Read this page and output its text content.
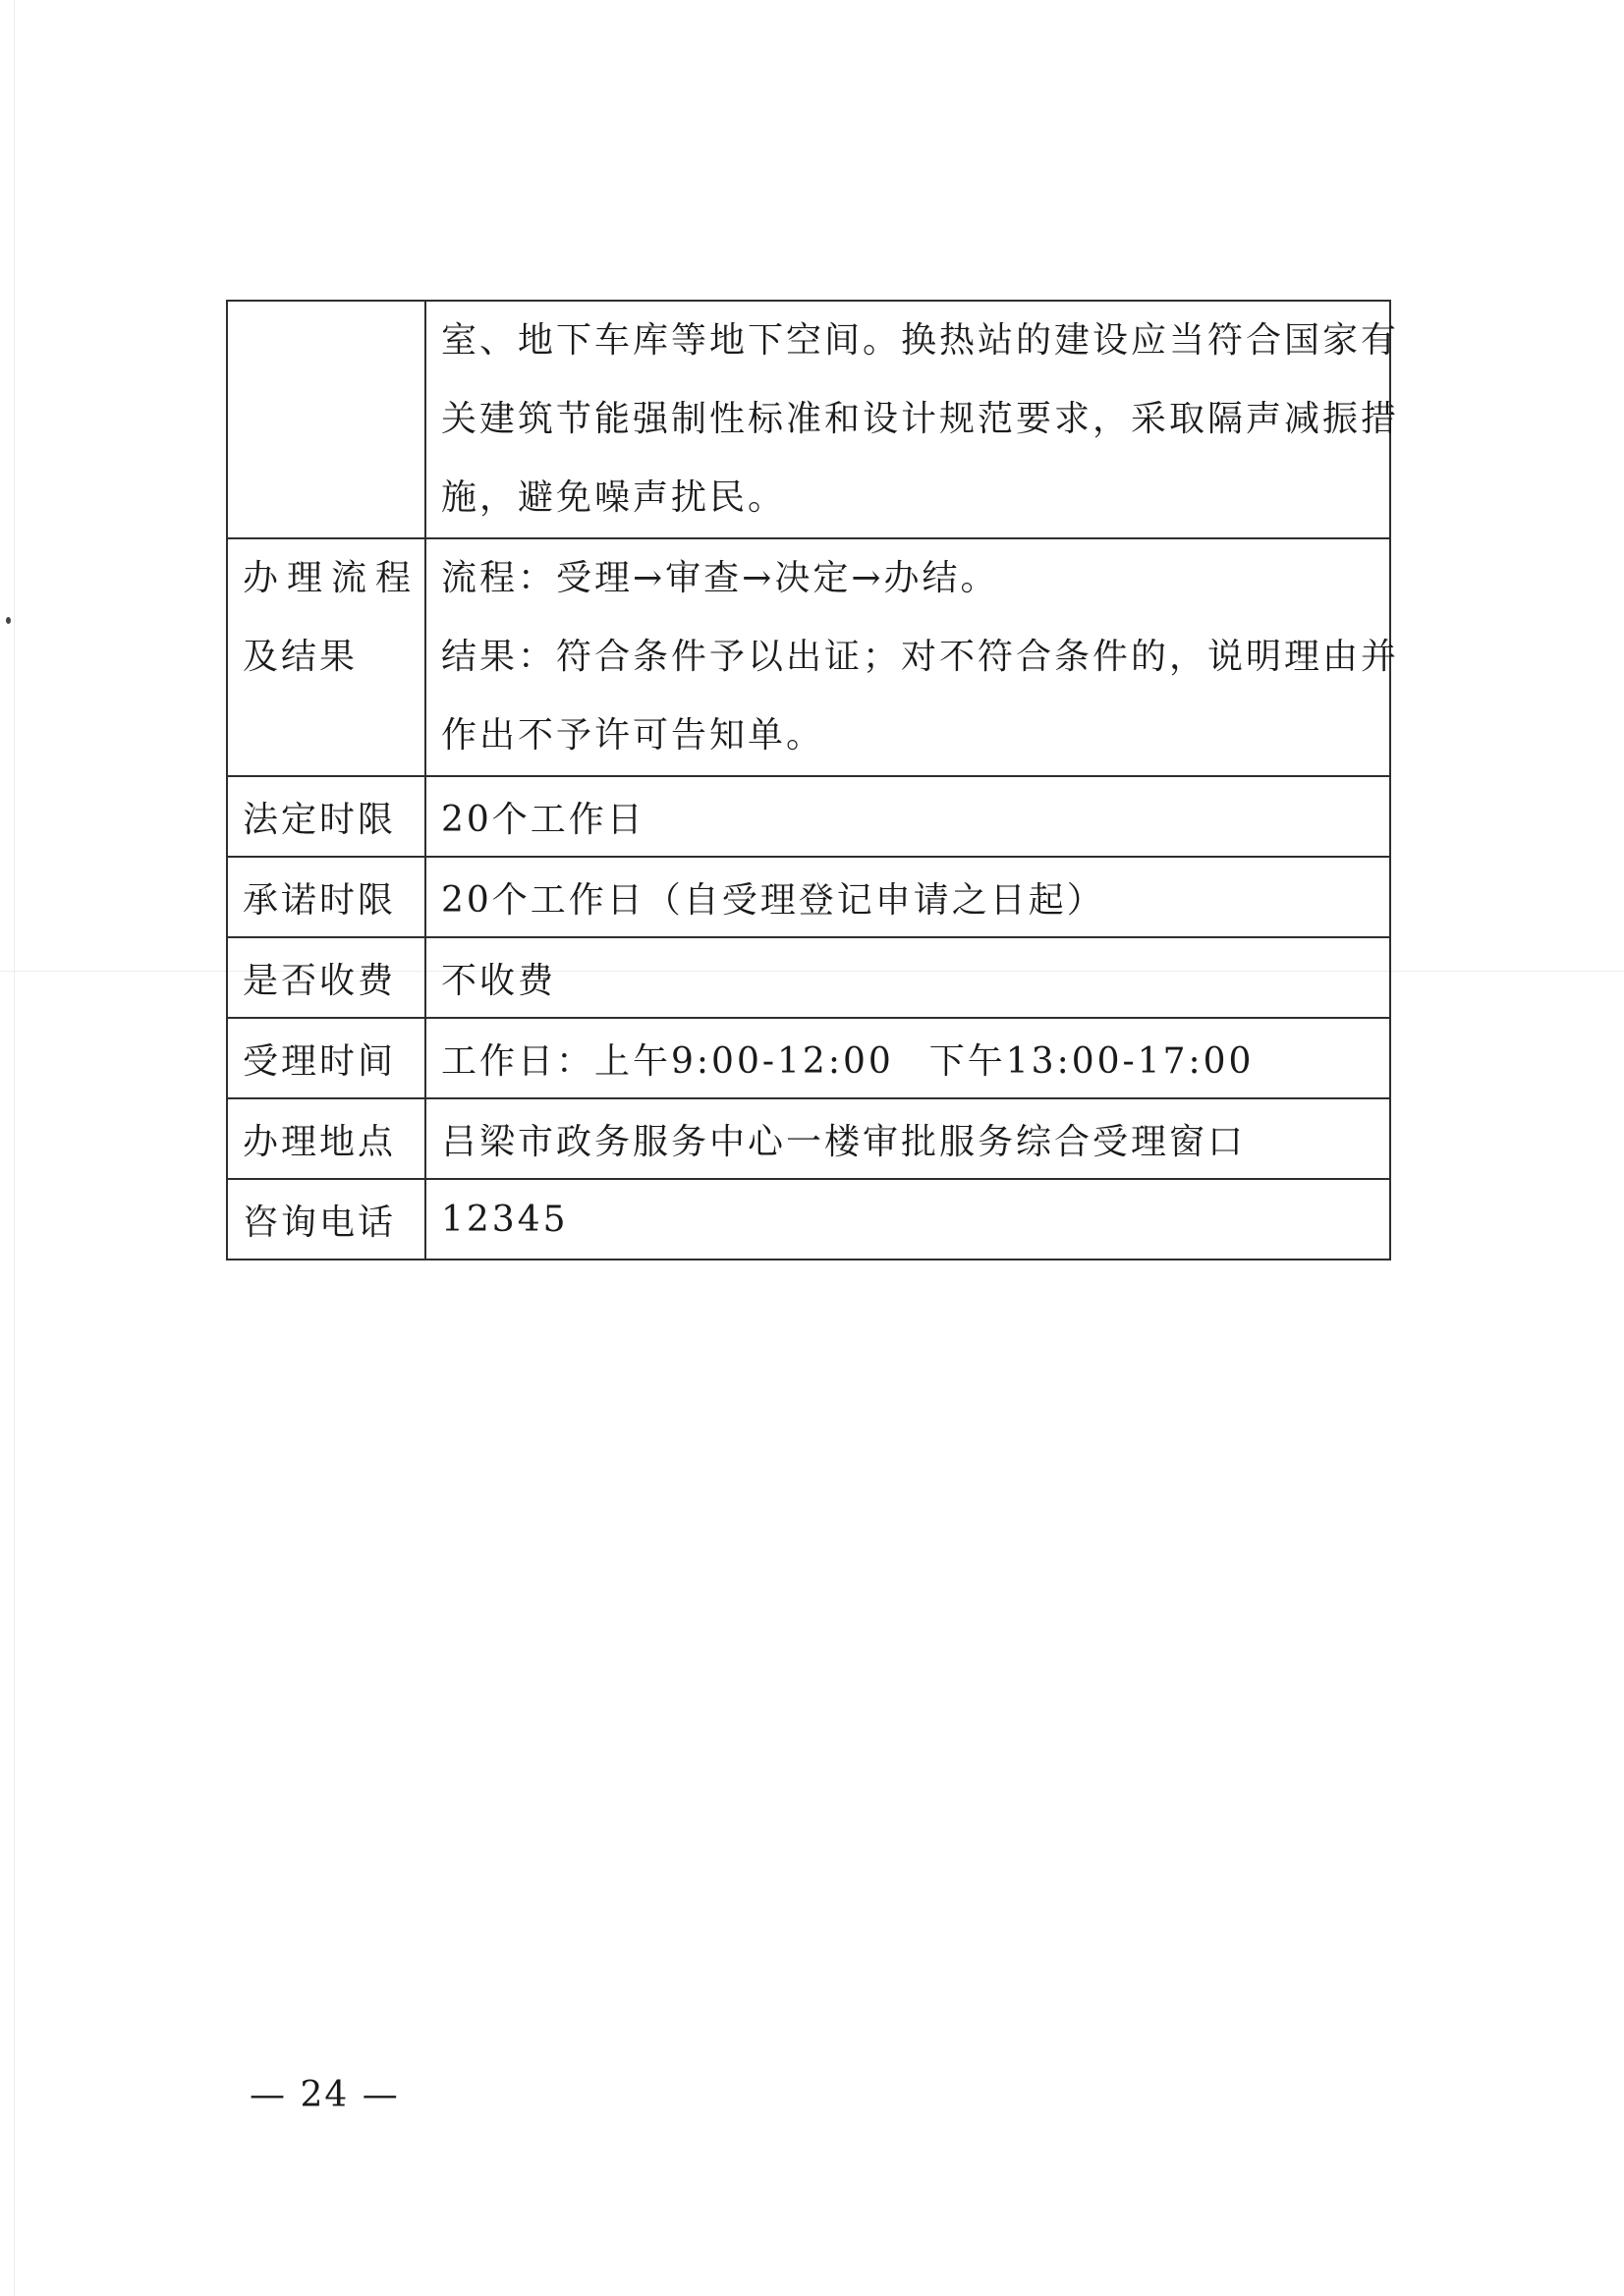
	室、地下车库等地下空间。换热站的建设应当符合国家有
关建筑节能强制性标准和设计规范要求，采取隔声减振措
施，避免噪声扰民。

办理流程
及结果	流程：受理→审查→决定→办结。
结果：符合条件予以出证；对不符合条件的，说明理由并
作出不予许可告知单。

法定时限	20个工作日
承诺时限	20个工作日（自受理登记申请之日起）
是否收费	不收费
受理时间	工作日：上午9:00-12:00 下午13:00-17:00
办理地点	吕梁市政务服务中心一楼审批服务综合受理窗口
咨询电话	12345
— 24 —
